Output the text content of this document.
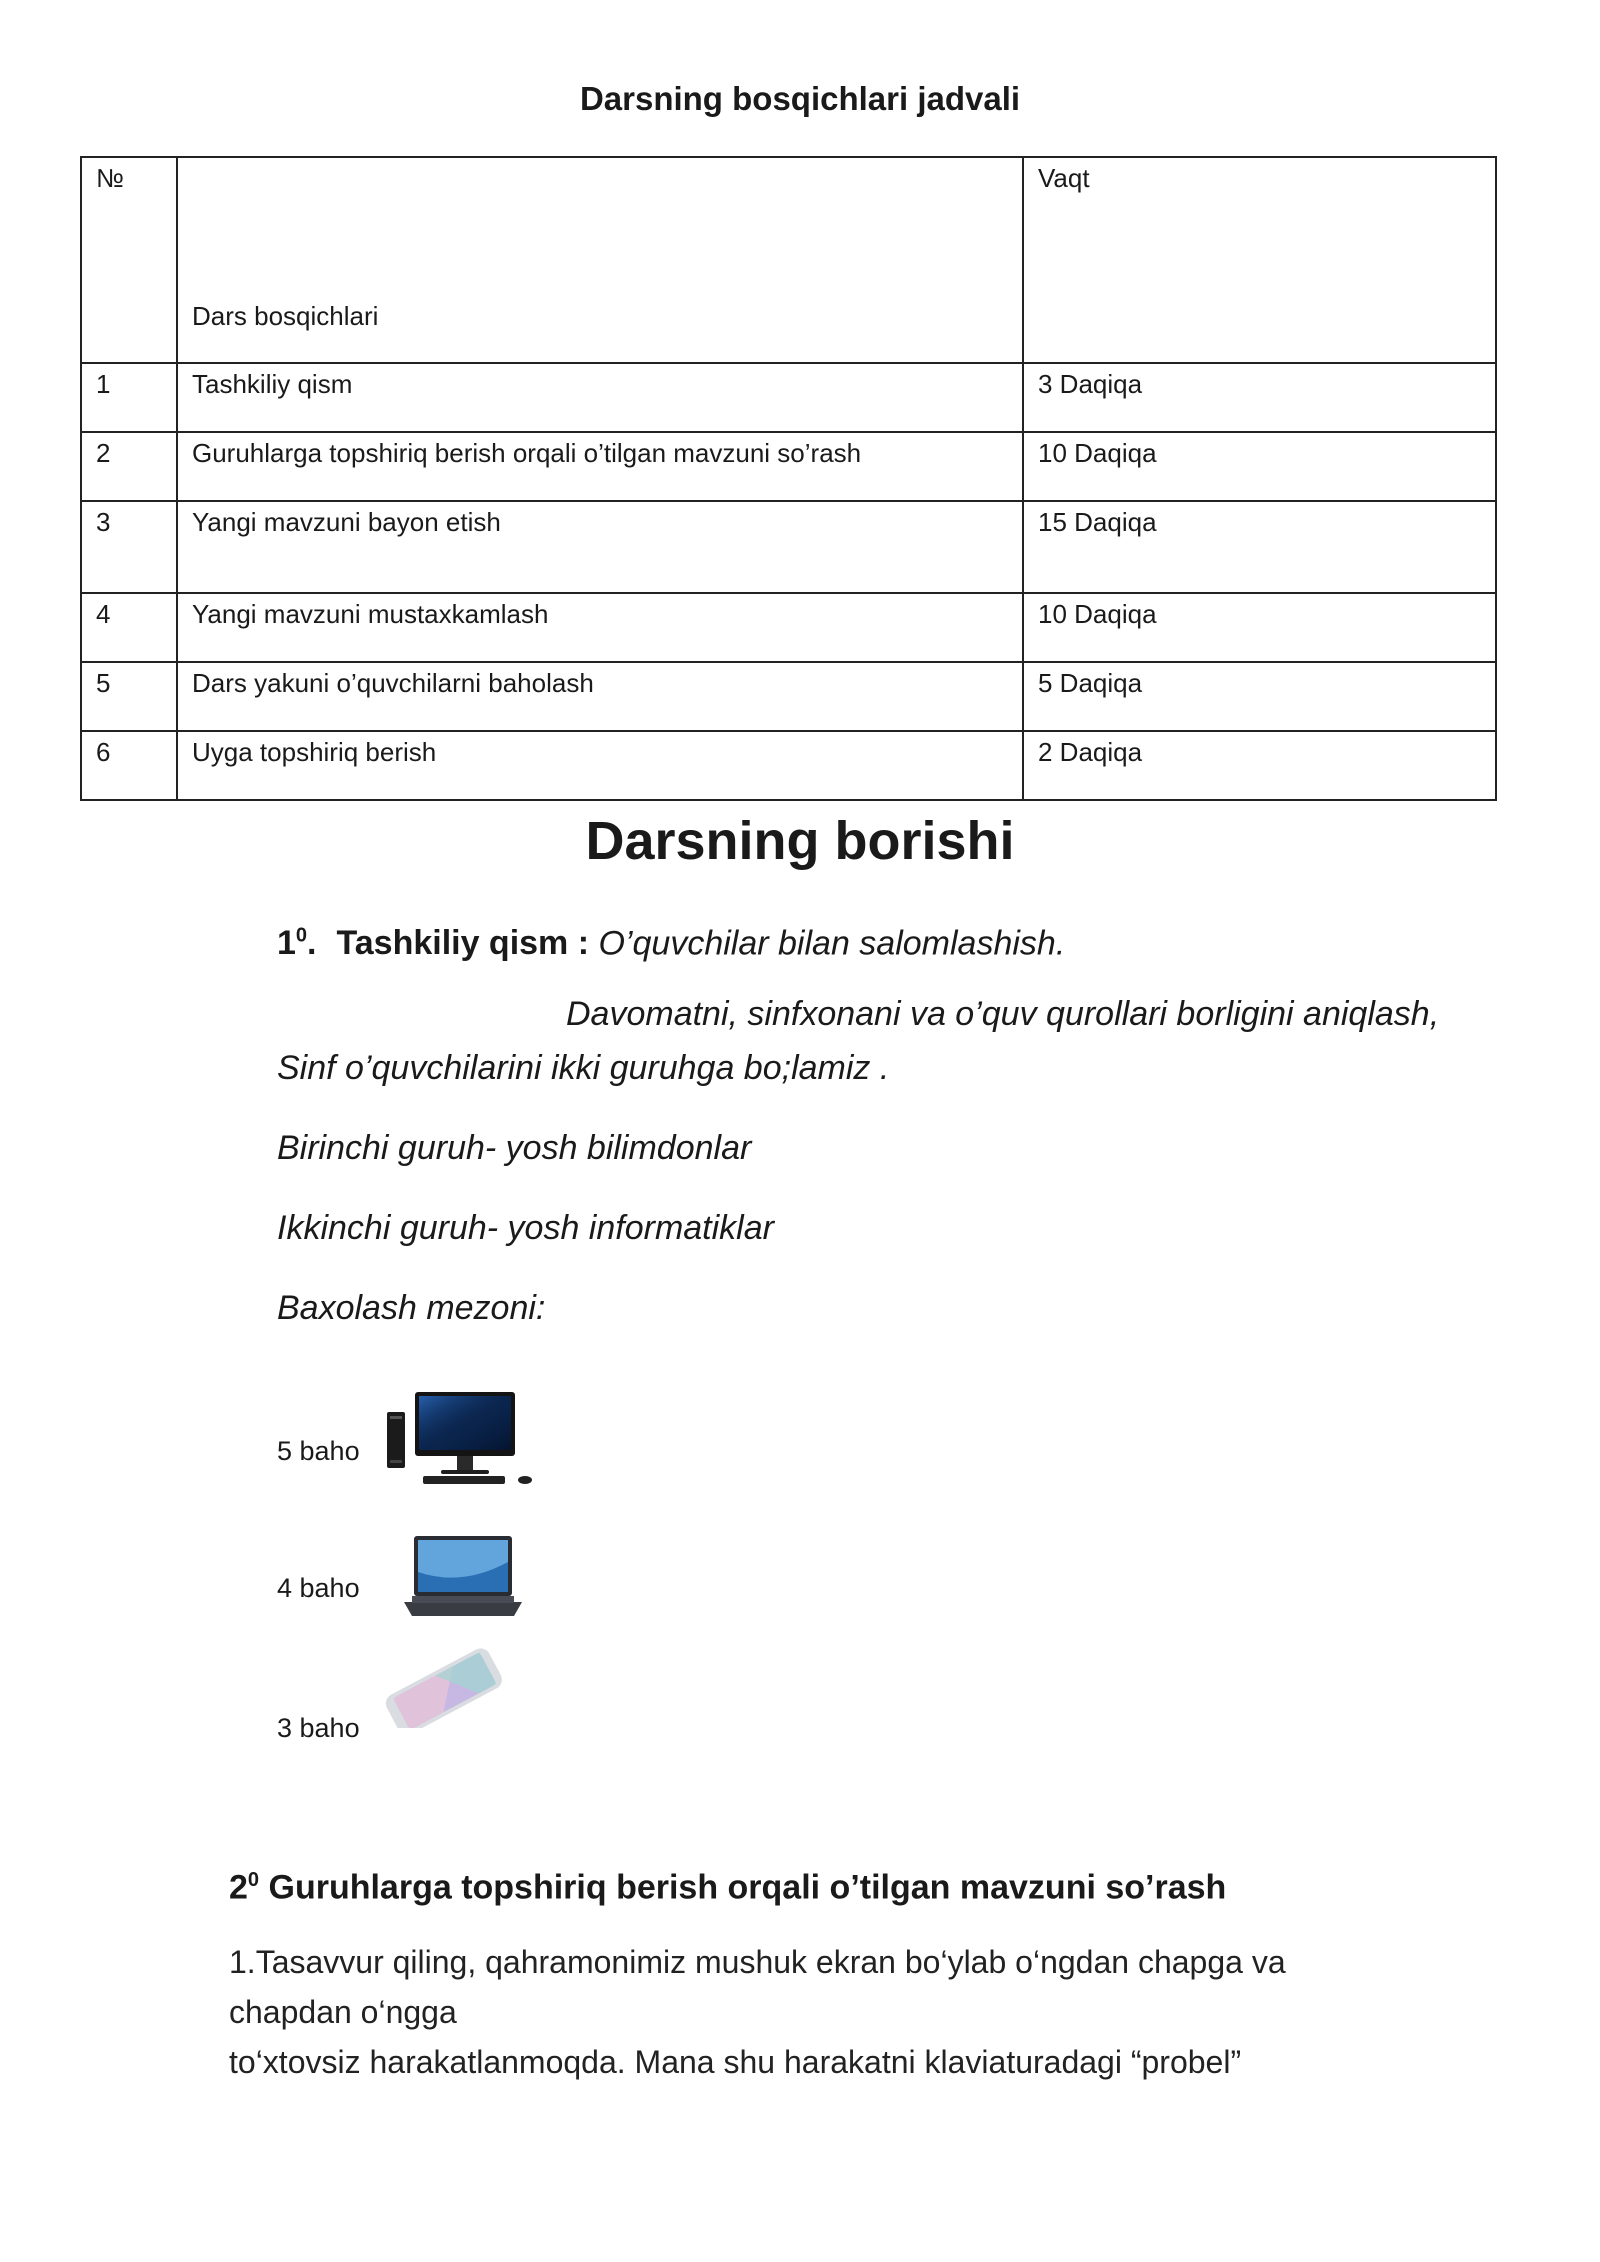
Darsning bosqichlari jadvali
№	Dars bosqichlari	Vaqt
1	Tashkiliy qism	3 Daqiqa
2	Guruhlarga topshiriq berish orqali o’tilgan mavzuni so’rash	10 Daqiqa
3	Yangi mavzuni bayon etish	15 Daqiqa
4	Yangi mavzuni mustaxkamlash	10 Daqiqa
5	Dars yakuni o’quvchilarni baholash	5 Daqiqa
6	Uyga topshiriq berish	2 Daqiqa
Darsning borishi
$1^0$. Tashkiliy qism : O’quvchilar bilan salomlashish.
Davomatni, sinfxonani va o’quv qurollari borligini aniqlash,
Sinf o’quvchilarini ikki guruhga bo;lamiz .
Birinchi guruh- yosh bilimdonlar
Ikkinchi guruh- yosh informatiklar
Baxolash mezoni:
5 baho
4 baho
3 baho
$2^0$ Guruhlarga topshiriq berish orqali o’tilgan mavzuni so’rash
1.Tasavvur qiling, qahramonimiz mushuk ekran bo‘ylab o‘ngdan chapga va
chapdan o‘ngga
to‘xtovsiz harakatlanmoqda. Mana shu harakatni klaviaturadagi “probel”
